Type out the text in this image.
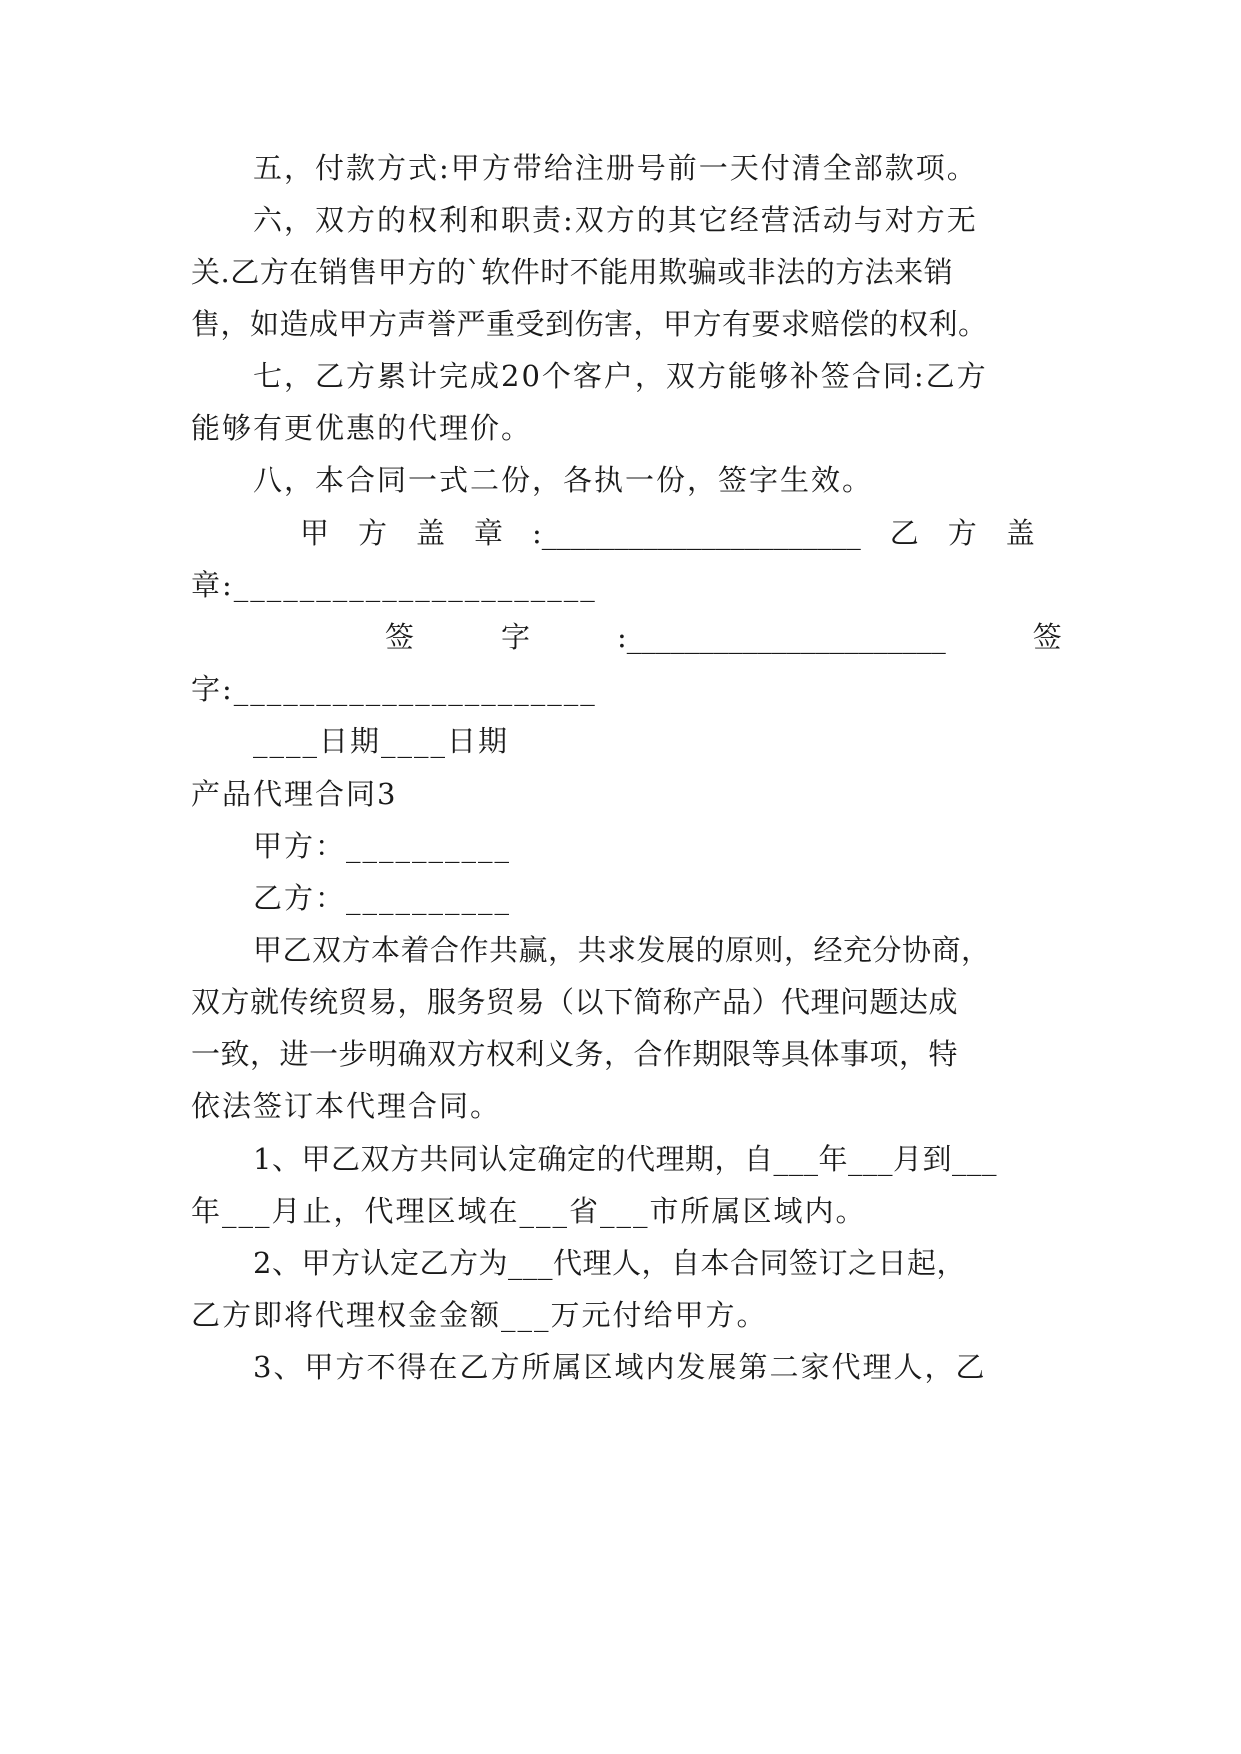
五，付款方式:甲方带给注册号前一天付清全部款项。
六，双方的权利和职责:双方的其它经营活动与对方无
关.乙方在销售甲方的`软件时不能用欺骗或非法的方法来销
售，如造成甲方声誉严重受到伤害，甲方有要求赔偿的权利。
七，乙方累计完成20个客户，双方能够补签合同:乙方
能够有更优惠的代理价。
八，本合同一式二份，各执一份，签字生效。
甲　方　盖　章　:______________________　乙　方　盖
章:______________________
签　　　字　　　:______________________　　　签
字:______________________
____日期____日期
产品代理合同3
甲方：__________
乙方：__________
甲乙双方本着合作共赢，共求发展的原则，经充分协商，
双方就传统贸易，服务贸易（以下简称产品）代理问题达成
一致，进一步明确双方权利义务，合作期限等具体事项，特
依法签订本代理合同。
1、甲乙双方共同认定确定的代理期，自___年___月到___
年___月止，代理区域在___省___市所属区域内。
2、甲方认定乙方为___代理人，自本合同签订之日起，
乙方即将代理权金金额___万元付给甲方。
3、甲方不得在乙方所属区域内发展第二家代理人，乙
